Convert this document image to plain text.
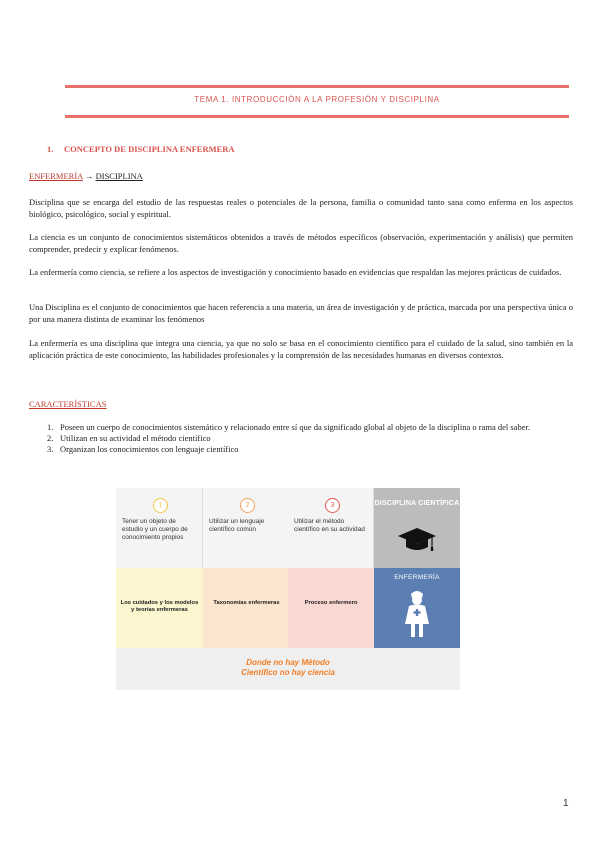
TEMA 1. INTRODUCCIÓN A LA PROFESIÓN Y DISCIPLINA
1. CONCEPTO DE DISCIPLINA ENFERMERA
ENFERMERÍA → DISCIPLINA

Disciplina que se encarga del estudio de las respuestas reales o potenciales de la persona, familia o comunidad tanto sana como enferma en los aspectos biológico, psicológico, social y espiritual.

La ciencia es un conjunto de conocimientos sistemáticos obtenidos a través de métodos específicos (observación, experimentación y análisis) que permiten comprender, predecir y explicar fenómenos.

La enfermería como ciencia, se refiere a los aspectos de investigación y conocimiento basado en evidencias que respaldan las mejores prácticas de cuidados.

Una Disciplina es el conjunto de conocimientos que hacen referencia a una materia, un área de investigación y de práctica, marcada por una perspectiva única o por una manera distinta de examinar los fenómenos

La enfermería es una disciplina que integra una ciencia, ya que no solo se basa en el conocimiento científico para el cuidado de la salud, sino también en la aplicación práctica de este conocimiento, las habilidades profesionales y la comprensión de las necesidades humanas en diversos contextos.

CARACTERÍSTICAS
1. Poseen un cuerpo de conocimientos sistemático y relacionado entre sí que da significado global al objeto de la disciplina o rama del saber.
2. Utilizan en su actividad el método científico
3. Organizan los conocimientos con lenguaje científico
1
Tener un objeto de estudio y un cuerpo de conocimiento propios
2
Utilizar un lenguaje científico común
3
Utilizar el método científico en su actividad
DISCIPLINA CIENTÍFICA
Los cuidados y los modelos y teorías enfermeras
Taxonomías enfermeras	Proceso enfermero
ENFERMERÍA
Donde no hay Método
Científico no hay ciencia
1
